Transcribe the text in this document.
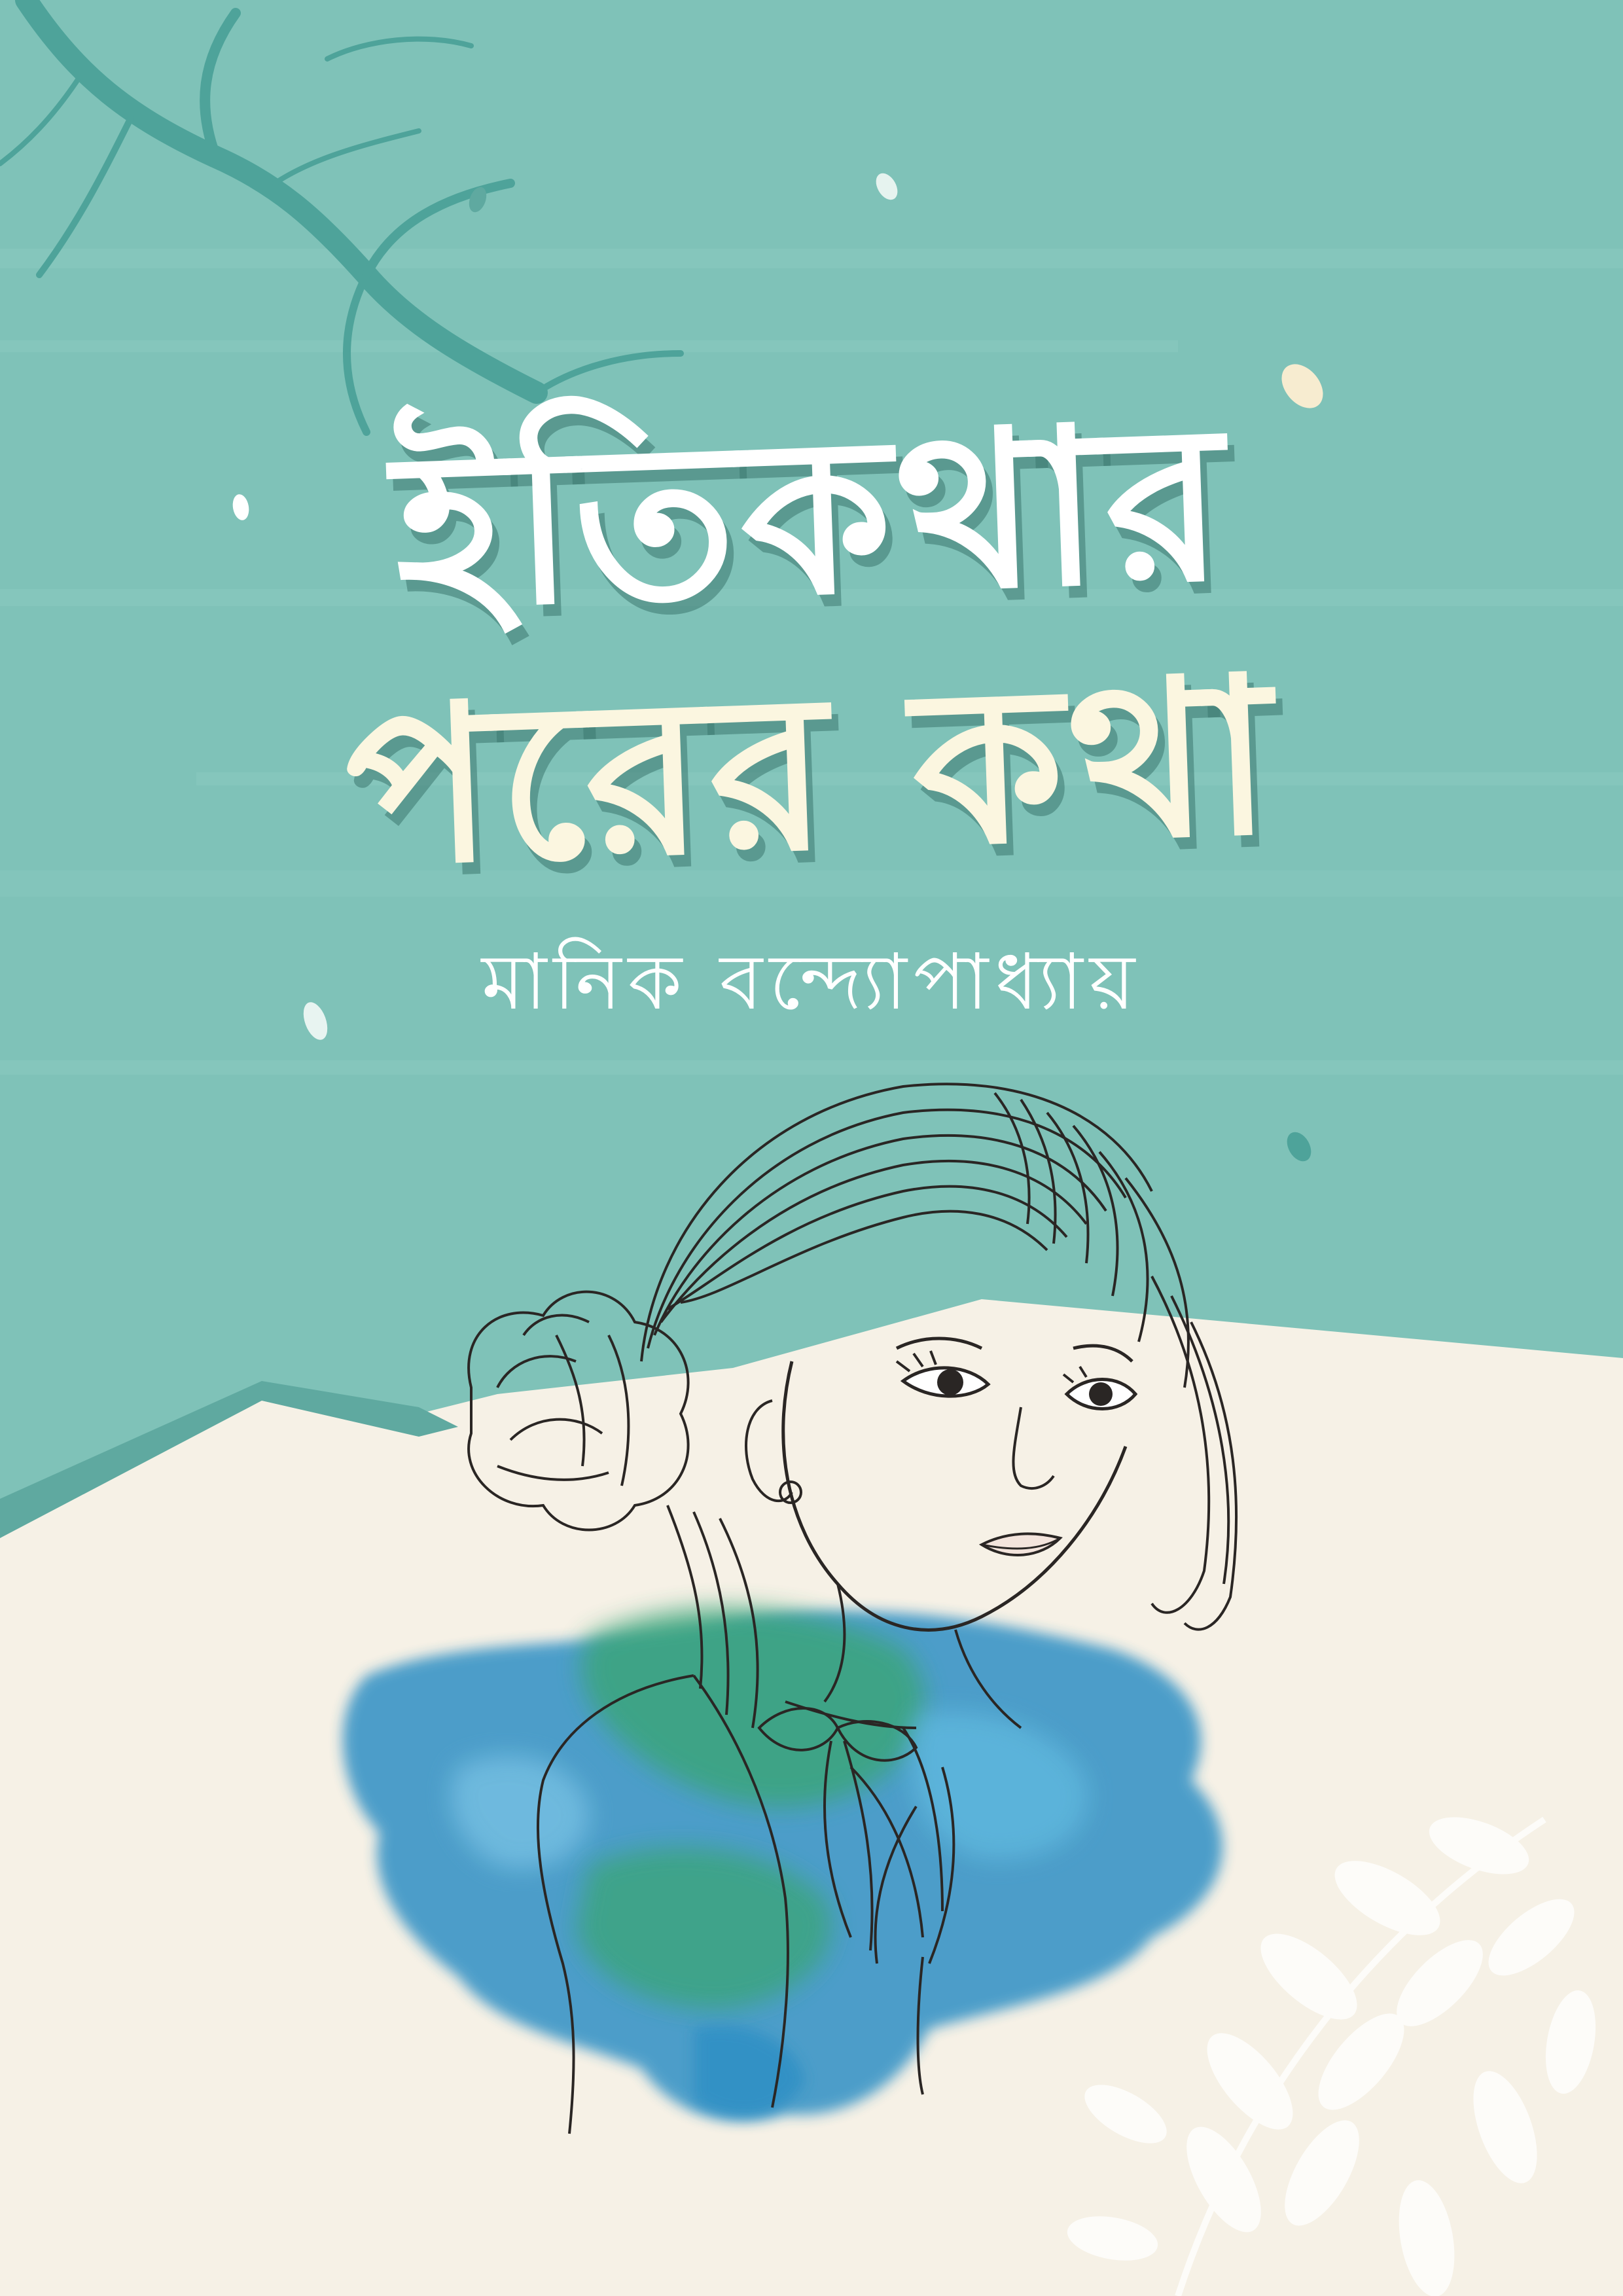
ইতিকথার
পরের কথা
মানিক বন্দ্যোপাধ্যায়
